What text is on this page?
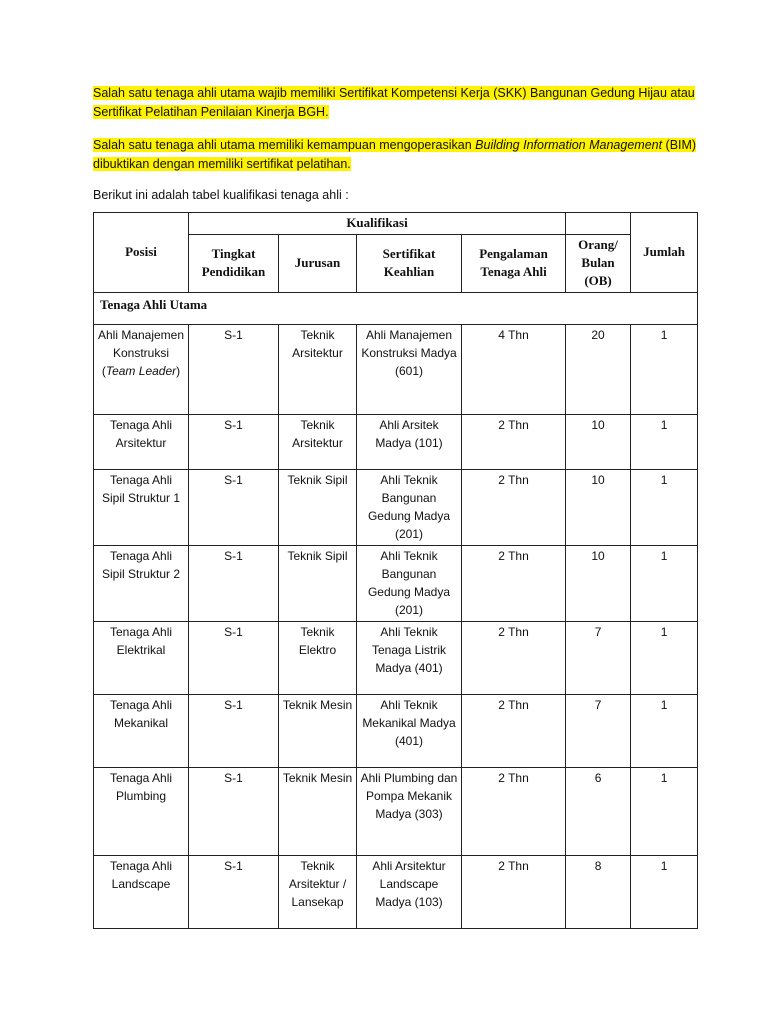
Salah satu tenaga ahli utama wajib memiliki Sertifikat Kompetensi Kerja (SKK) Bangunan Gedung Hijau atau Sertifikat Pelatihan Penilaian Kinerja BGH.

Salah satu tenaga ahli utama memiliki kemampuan mengoperasikan Building Information Management (BIM) dibuktikan dengan memiliki sertifikat pelatihan.

Berikut ini adalah tabel kualifikasi tenaga ahli :

Posisi	Kualifikasi					Jumlah
	Tingkat Pendidikan	Jurusan	Sertifikat Keahlian	Pengalaman Tenaga Ahli	Orang/ Bulan (OB)	
Tenaga Ahli Utama						
Ahli Manajemen Konstruksi (Team Leader)	S-1	Teknik Arsitektur	Ahli Manajemen Konstruksi Madya (601)	4 Thn	20	1
Tenaga Ahli Arsitektur	S-1	Teknik Arsitektur	Ahli Arsitek Madya (101)	2 Thn	10	1
Tenaga Ahli Sipil Struktur 1	S-1	Teknik Sipil	Ahli Teknik Bangunan Gedung Madya (201)	2 Thn	10	1
Tenaga Ahli Sipil Struktur 2	S-1	Teknik Sipil	Ahli Teknik Bangunan Gedung Madya (201)	2 Thn	10	1
Tenaga Ahli Elektrikal	S-1	Teknik Elektro	Ahli Teknik Tenaga Listrik Madya (401)	2 Thn	7	1
Tenaga Ahli Mekanikal	S-1	Teknik Mesin	Ahli Teknik Mekanikal Madya (401)	2 Thn	7	1
Tenaga Ahli Plumbing	S-1	Teknik Mesin	Ahli Plumbing dan Pompa Mekanik Madya (303)	2 Thn	6	1
Tenaga Ahli Landscape	S-1	Teknik Arsitektur / Lansekap	Ahli Arsitektur Landscape Madya (103)	2 Thn	8	1
